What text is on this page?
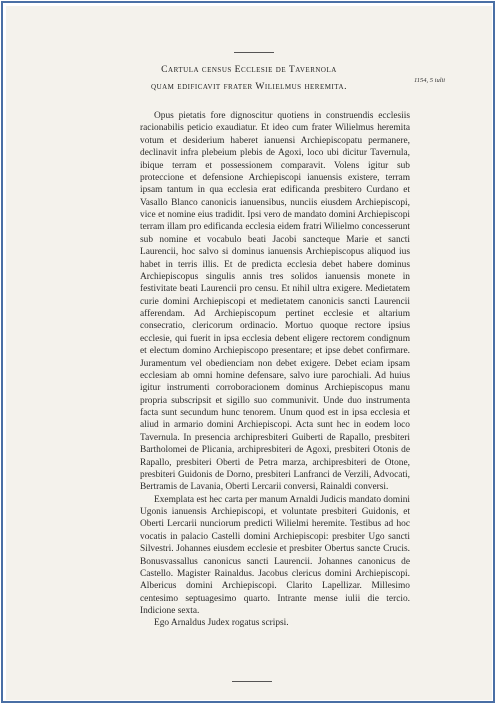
Cartula census Ecclesie de Tavernola
quam edificavit frater Wilielmus heremita.
1154, 5 iulii

Opus pietatis fore dignoscitur quotiens in construendis ecclesiis racionabilis peticio exaudiatur. Et ideo cum frater Wilielmus heremita votum et desiderium haberet ianuensi Archiepiscopatu permanere, declinavit infra plebeium plebis de Agoxi, loco ubi dicitur Tavernula, ibique terram et possessionem comparavit. Volens igitur sub proteccione et defensione Archiepiscopi ianuensis existere, terram ipsam tantum in qua ecclesia erat edificanda presbitero Curdano et Vasallo Blanco canonicis ianuensibus, nunciis eiusdem Archiepiscopi, vice et nomine eius tradidit. Ipsi vero de mandato domini Archiepiscopi terram illam pro edificanda ecclesia eidem fratri Wilielmo concesserunt sub nomine et vocabulo beati Jacobi sancteque Marie et sancti Laurencii, hoc salvo si dominus ianuensis Archiepiscopus aliquod ius habet in terris illis. Et de predicta ecclesia debet habere dominus Archiepiscopus singulis annis tres solidos ianuensis monete in festivitate beati Laurencii pro censu. Et nihil ultra exigere. Medietatem curie domini Archiepiscopi et medietatem canonicis sancti Laurencii afferendam. Ad Archiepiscopum pertinet ecclesie et altarium consecratio, clericorum ordinacio. Mortuo quoque rectore ipsius ecclesie, qui fuerit in ipsa ecclesia debent eligere rectorem condignum et electum domino Archiepiscopo presentare; et ipse debet confirmare. Juramentum vel obedienciam non debet exigere. Debet eciam ipsam ecclesiam ab omni homine defensare, salvo iure parochiali. Ad huius igitur instrumenti corroboracionem dominus Archiepiscopus manu propria subscripsit et sigillo suo communivit. Unde duo instrumenta facta sunt secundum hunc tenorem. Unum quod est in ipsa ecclesia et aliud in armario domini Archiepiscopi. Acta sunt hec in eodem loco Tavernula. In presencia archipresbiteri Guiberti de Rapallo, presbiteri Bartholomei de Plicania, archipresbiteri de Agoxi, presbiteri Otonis de Rapallo, presbiteri Oberti de Petra marza, archipresbiteri de Otone, presbiteri Guidonis de Dorno, presbiteri Lanfranci de Verzili, Advocati, Bertramis de Lavania, Oberti Lercarii conversi, Rainaldi conversi.

Exemplata est hec carta per manum Arnaldi Judicis mandato domini Ugonis ianuensis Archiepiscopi, et voluntate presbiteri Guidonis, et Oberti Lercarii nunciorum predicti Wilielmi heremite. Testibus ad hoc vocatis in palacio Castelli domini Archiepiscopi: presbiter Ugo sancti Silvestri. Johannes eiusdem ecclesie et presbiter Obertus sancte Crucis. Bonusvassallus canonicus sancti Laurencii. Johannes canonicus de Castello. Magister Rainaldus. Jacobus clericus domini Archiepiscopi. Albericus domini Archiepiscopi. Clarito Lapellizar. Millesimo centesimo septuagesimo quarto. Intrante mense iulii die tercio. Indicione sexta.

Ego Arnaldus Judex rogatus scripsi.
